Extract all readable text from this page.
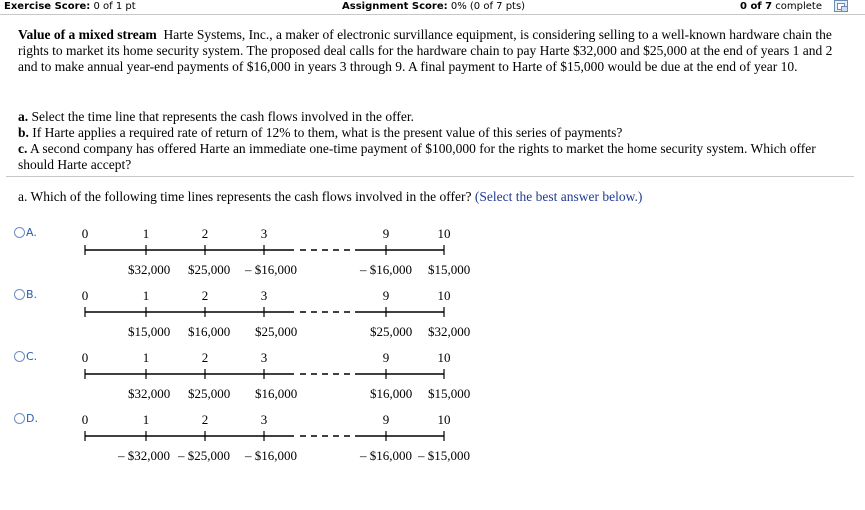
Exercise Score: 0 of 1 pt	Assignment Score: 0% (0 of 7 pts)	0 of 7 complete
Value of a mixed stream Harte Systems, Inc., a maker of electronic survillance equipment, is considering selling to a well-known hardware chain the rights to market its home security system. The proposed deal calls for the hardware chain to pay Harte $32,000 and $25,000 at the end of years 1 and 2 and to make annual year-end payments of $16,000 in years 3 through 9. A final payment to Harte of $15,000 would be due at the end of year 10.
a. Select the time line that represents the cash flows involved in the offer.
b. If Harte applies a required rate of return of 12% to them, what is the present value of this series of payments?
c. A second company has offered Harte an immediate one-time payment of $100,000 for the rights to market the home security system. Which offer should Harte accept?
a. Which of the following time lines represents the cash flows involved in the offer? (Select the best answer below.)
A.	0	1	2	3	9	10
$32,000 $25,000 – $16,000	– $16,000 $15,000
B.	0	1	2	3	9	10
$15,000 $16,000 $25,000	$25,000 $32,000
C.	0	1	2	3	9	10
$32,000 $25,000 $16,000	$16,000 $15,000
D.	0	1	2	3	9	10
– $32,000 – $25,000 – $16,000	– $16,000 – $15,000
